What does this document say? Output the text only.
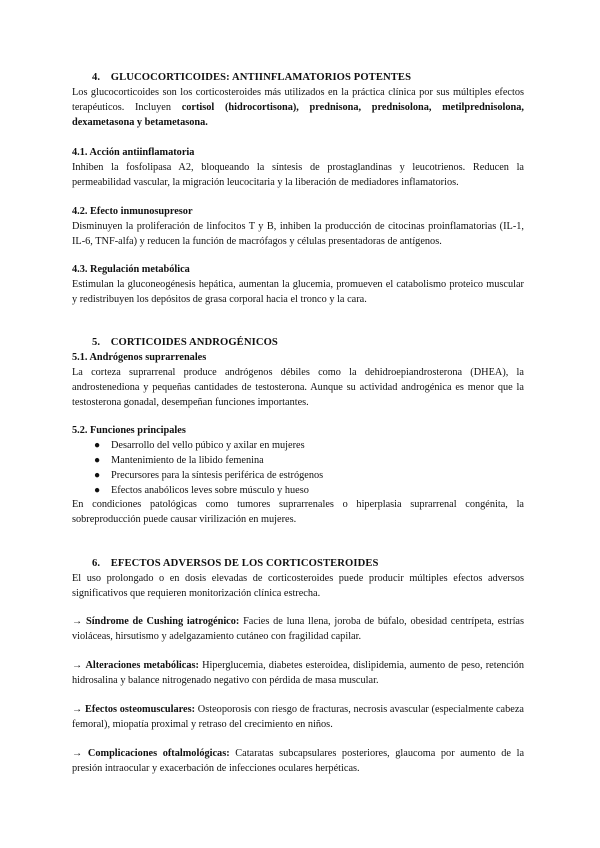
4. GLUCOCORTICOIDES: ANTIINFLAMATORIOS POTENTES
Los glucocorticoides son los corticosteroides más utilizados en la práctica clínica por sus múltiples efectos terapéuticos. Incluyen cortisol (hidrocortisona), prednisona, prednisolona, metilprednisolona, dexametasona y betametasona.
4.1. Acción antiinflamatoria
Inhiben la fosfolipasa A2, bloqueando la síntesis de prostaglandinas y leucotrienos. Reducen la permeabilidad vascular, la migración leucocitaria y la liberación de mediadores inflamatorios.
4.2. Efecto inmunosupresor
Disminuyen la proliferación de linfocitos T y B, inhiben la producción de citocinas proinflamatorias (IL-1, IL-6, TNF-alfa) y reducen la función de macrófagos y células presentadoras de antígenos.
4.3. Regulación metabólica
Estimulan la gluconeogénesis hepática, aumentan la glucemia, promueven el catabolismo proteico muscular y redistribuyen los depósitos de grasa corporal hacia el tronco y la cara.
5. CORTICOIDES ANDROGÉNICOS
5.1. Andrógenos suprarrenales
La corteza suprarrenal produce andrógenos débiles como la dehidroepiandrosterona (DHEA), la androstenediona y pequeñas cantidades de testosterona. Aunque su actividad androgénica es menor que la testosterona gonadal, desempeñan funciones importantes.
5.2. Funciones principales
● Desarrollo del vello púbico y axilar en mujeres
● Mantenimiento de la libido femenina
● Precursores para la síntesis periférica de estrógenos
● Efectos anabólicos leves sobre músculo y hueso
En condiciones patológicas como tumores suprarrenales o hiperplasia suprarrenal congénita, la sobreproducción puede causar virilización en mujeres.
6. EFECTOS ADVERSOS DE LOS CORTICOSTEROIDES
El uso prolongado o en dosis elevadas de corticosteroides puede producir múltiples efectos adversos significativos que requieren monitorización clínica estrecha.
→ Síndrome de Cushing iatrogénico: Facies de luna llena, joroba de búfalo, obesidad centrípeta, estrías violáceas, hirsutismo y adelgazamiento cutáneo con fragilidad capilar.
→ Alteraciones metabólicas: Hiperglucemia, diabetes esteroidea, dislipidemia, aumento de peso, retención hidrosalina y balance nitrogenado negativo con pérdida de masa muscular.
→ Efectos osteomusculares: Osteoporosis con riesgo de fracturas, necrosis avascular (especialmente cabeza femoral), miopatía proximal y retraso del crecimiento en niños.
→ Complicaciones oftalmológicas: Cataratas subcapsulares posteriores, glaucoma por aumento de la presión intraocular y exacerbación de infecciones oculares herpéticas.
